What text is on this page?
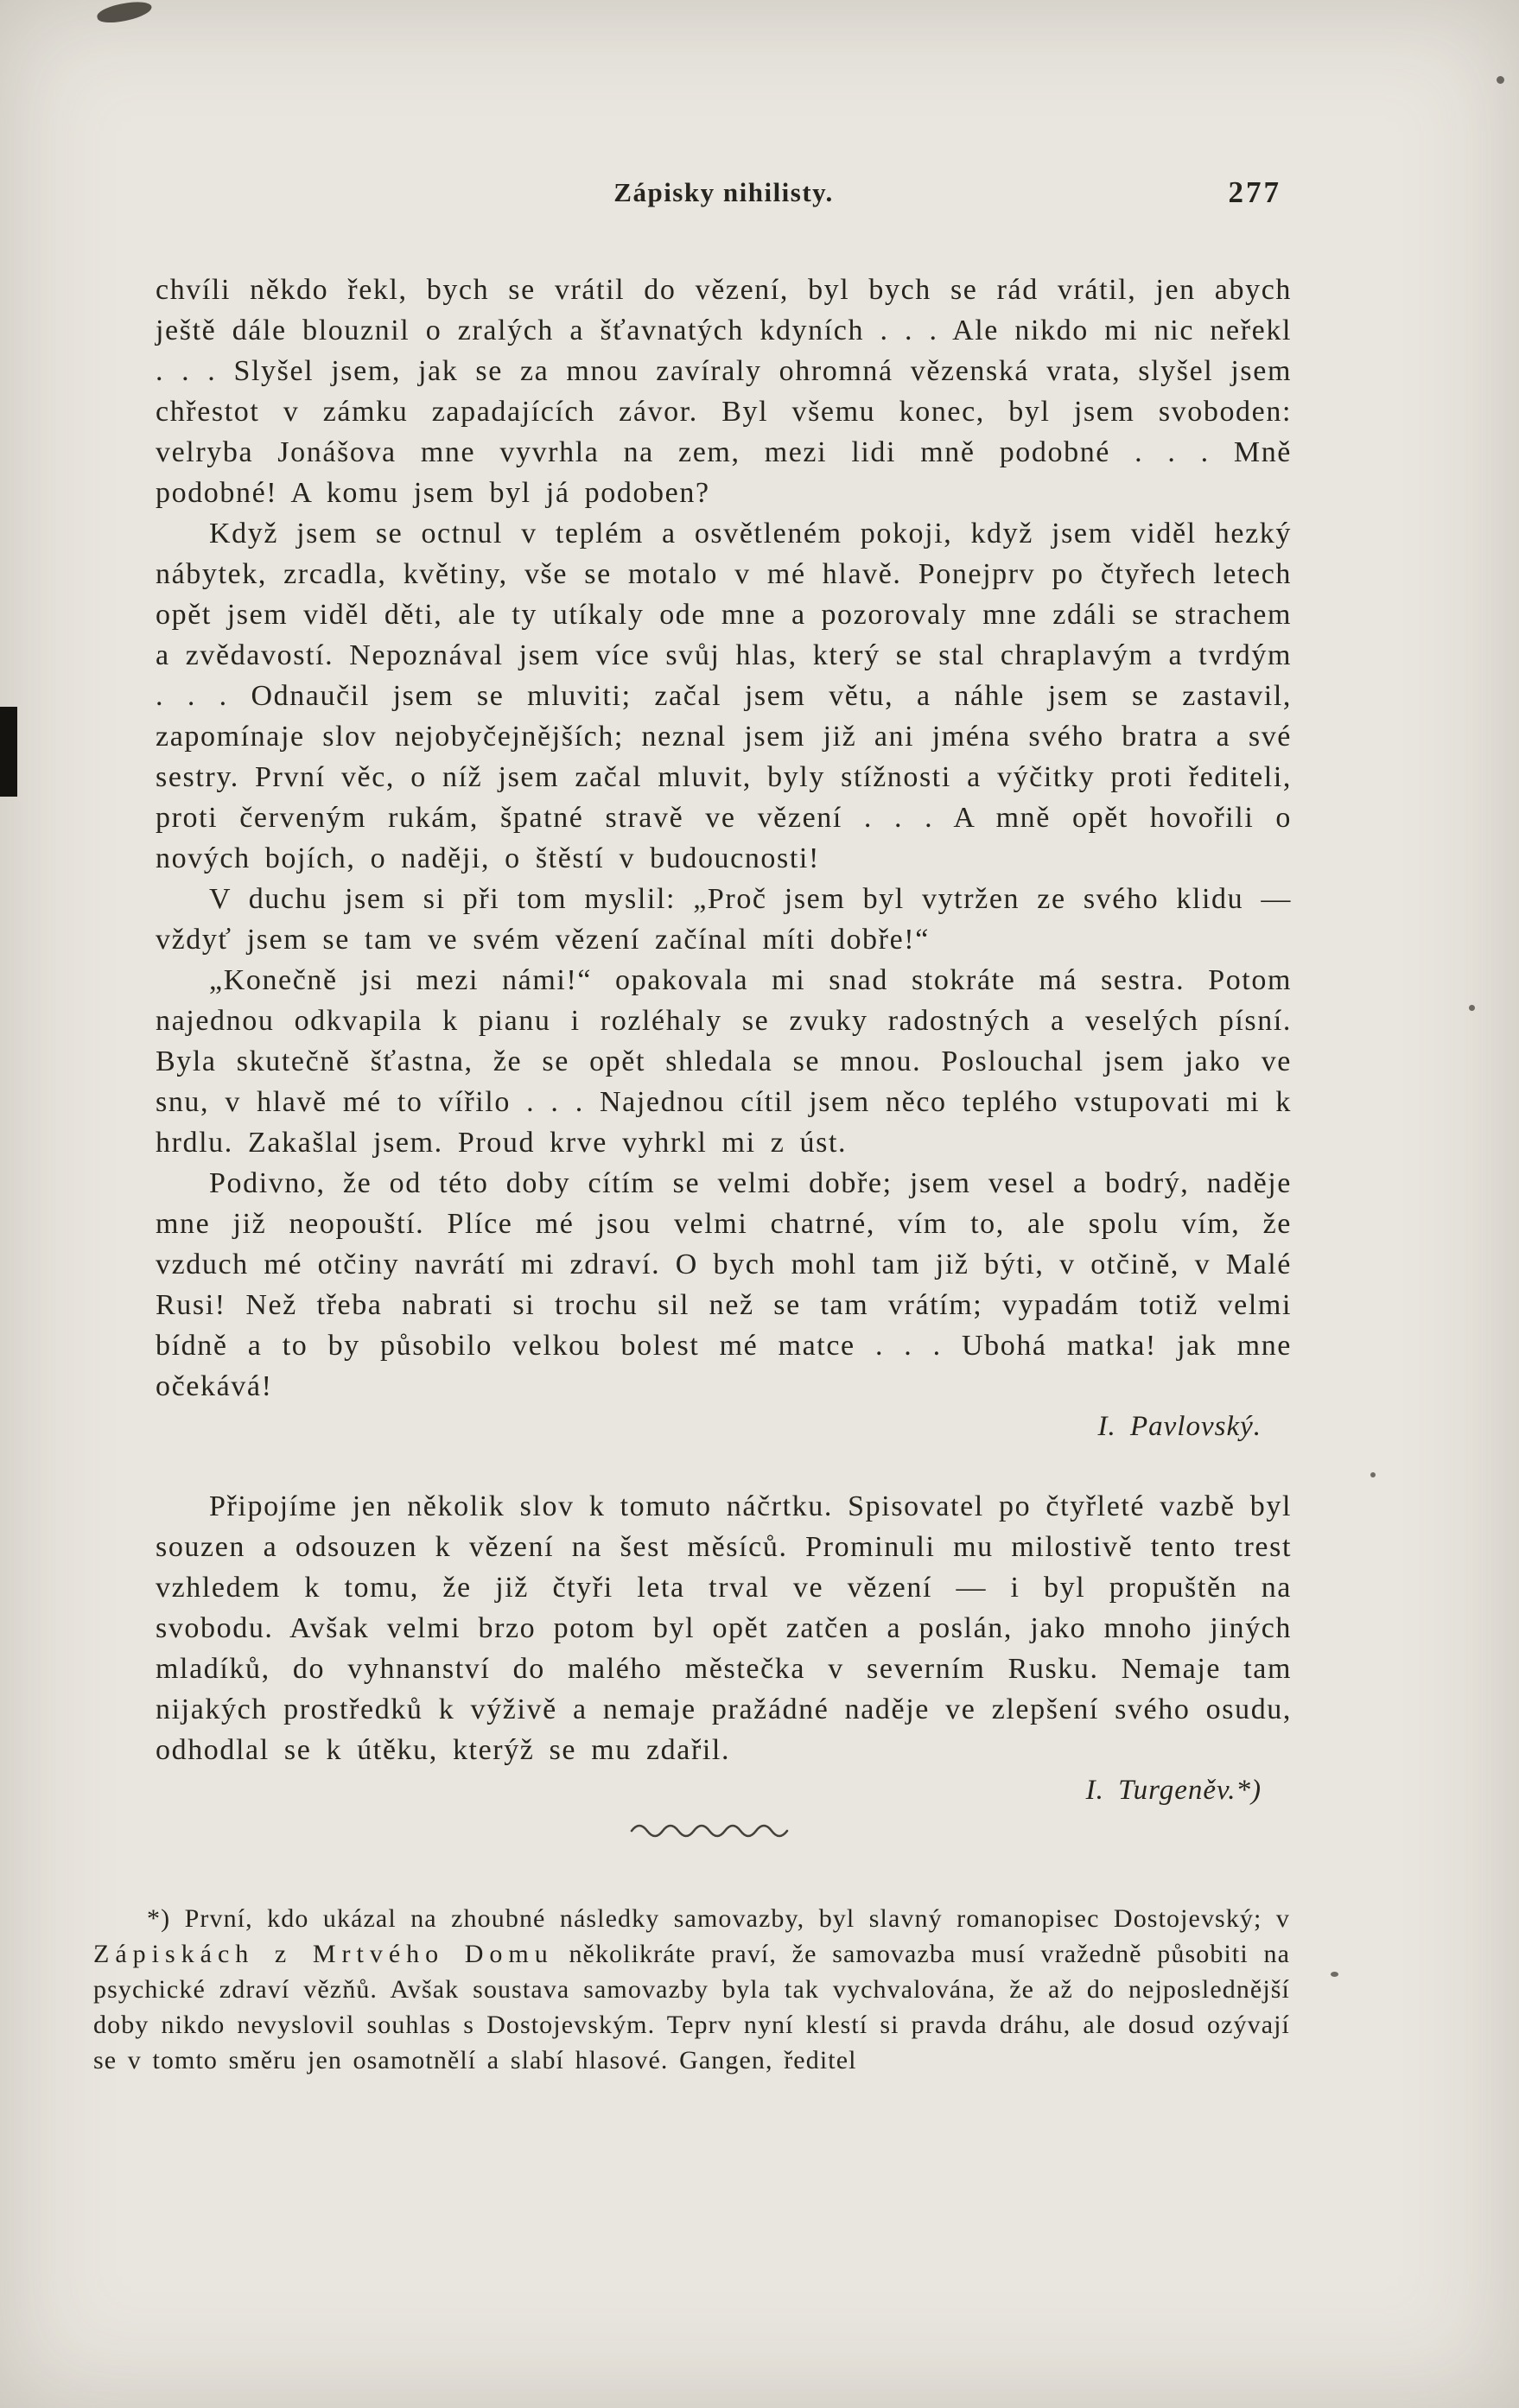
Zápisky nihilisty.	277

chvíli někdo řekl, bych se vrátil do vězení, byl bych se rád vrátil, jen abych ještě dále blouznil o zralých a šťavnatých kdyních . . . Ale nikdo mi nic neřekl . . . Slyšel jsem, jak se za mnou zavíraly ohromná vězenská vrata, slyšel jsem chřestot v zámku zapadajících závor. Byl všemu konec, byl jsem svoboden: velryba Jonášova mne vyvrhla na zem, mezi lidi mně podobné . . . Mně podobné! A komu jsem byl já podoben?

Když jsem se octnul v teplém a osvětleném pokoji, když jsem viděl hezký nábytek, zrcadla, květiny, vše se motalo v mé hlavě. Ponejprv po čtyřech letech opět jsem viděl děti, ale ty utíkaly ode mne a pozorovaly mne zdáli se strachem a zvědavostí. Nepoznával jsem více svůj hlas, který se stal chraplavým a tvrdým . . . Odnaučil jsem se mluviti; začal jsem větu, a náhle jsem se zastavil, zapomínaje slov nejobyčejnějších; neznal jsem již ani jména svého bratra a své sestry. První věc, o níž jsem začal mluvit, byly stížnosti a výčitky proti řediteli, proti červeným rukám, špatné stravě ve vězení . . . A mně opět hovořili o nových bojích, o naději, o štěstí v budoucnosti!

V duchu jsem si při tom myslil: „Proč jsem byl vytržen ze svého klidu — vždyť jsem se tam ve svém vězení začínal míti dobře!“

„Konečně jsi mezi námi!“ opakovala mi snad stokráte má sestra. Potom najednou odkvapila k pianu i rozléhaly se zvuky radostných a veselých písní. Byla skutečně šťastna, že se opět shledala se mnou. Poslouchal jsem jako ve snu, v hlavě mé to vířilo . . . Najednou cítil jsem něco teplého vstupovati mi k hrdlu. Zakašlal jsem. Proud krve vyhrkl mi z úst.

Podivno, že od této doby cítím se velmi dobře; jsem vesel a bodrý, naděje mne již neopouští. Plíce mé jsou velmi chatrné, vím to, ale spolu vím, že vzduch mé otčiny navrátí mi zdraví. O bych mohl tam již býti, v otčině, v Malé Rusi! Než třeba nabrati si trochu sil než se tam vrátím; vypadám totiž velmi bídně a to by působilo velkou bolest mé matce . . . Ubohá matka! jak mne očekává!

I. Pavlovský.

Připojíme jen několik slov k tomuto náčrtku. Spisovatel po čtyřleté vazbě byl souzen a odsouzen k vězení na šest měsíců. Prominuli mu milostivě tento trest vzhledem k tomu, že již čtyři leta trval ve vězení — i byl propuštěn na svobodu. Avšak velmi brzo potom byl opět zatčen a poslán, jako mnoho jiných mladíků, do vyhnanství do malého městečka v severním Rusku. Nemaje tam nijakých prostředků k výživě a nemaje pražádné naděje ve zlepšení svého osudu, odhodlal se k útěku, kterýž se mu zdařil.

I. Turgeněv.*)

*) První, kdo ukázal na zhoubné následky samovazby, byl slavný romanopisec Dostojevský; v Zápiskách z Mrtvého Domu několikráte praví, že samovazba musí vražedně působiti na psychické zdraví vězňů. Avšak soustava samovazby byla tak vychvalována, že až do nejposlednější doby nikdo nevyslovil souhlas s Dostojevským. Teprv nyní klestí si pravda dráhu, ale dosud ozývají se v tomto směru jen osamotnělí a slabí hlasové. Gangen, ředitel
